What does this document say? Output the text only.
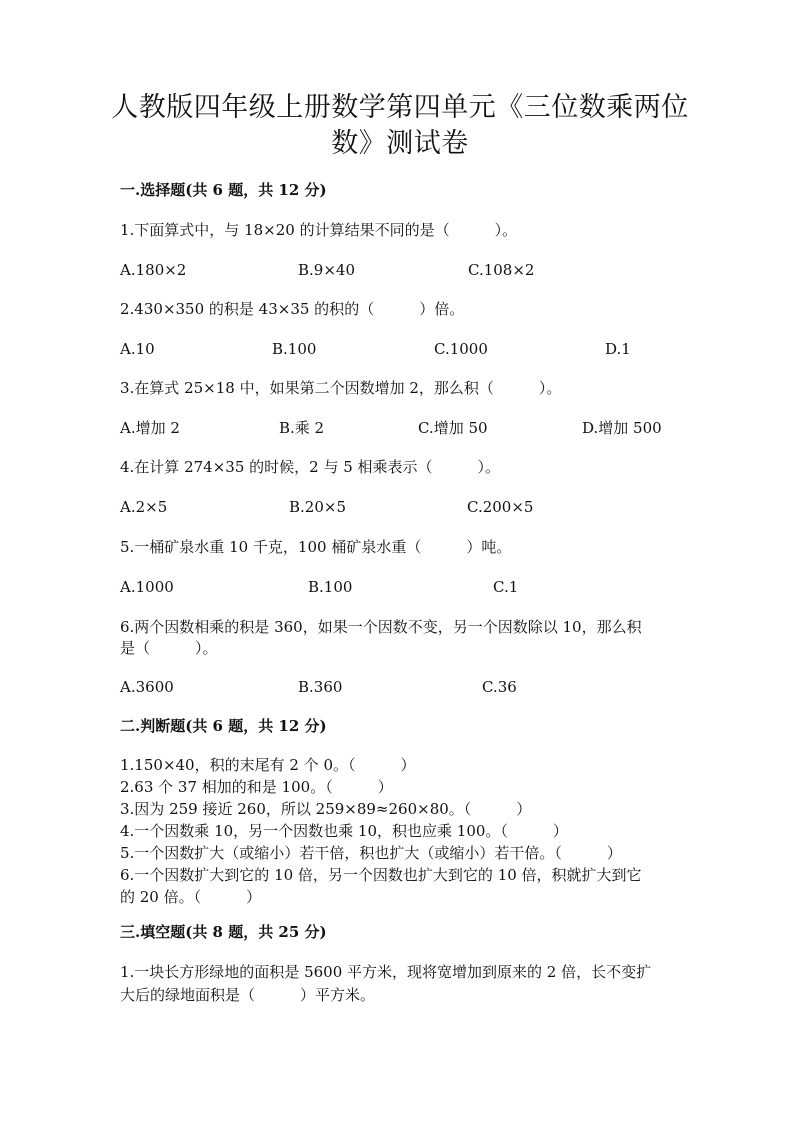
人教版四年级上册数学第四单元《三位数乘两位
数》测试卷
一.选择题(共 6 题，共 12 分)
1.下面算式中，与 18×20 的计算结果不同的是（　　　）。
A.180×2	B.9×40	C.108×2
2.430×350 的积是 43×35 的积的（　　　）倍。
A.10	B.100	C.1000	D.1
3.在算式 25×18 中，如果第二个因数增加 2，那么积（　　　）。
A.增加 2	B.乘 2	C.增加 50	D.增加 500
4.在计算 274×35 的时候，2 与 5 相乘表示（　　　）。
A.2×5	B.20×5	C.200×5
5.一桶矿泉水重 10 千克，100 桶矿泉水重（　　　）吨。
A.1000	B.100	C.1
6.两个因数相乘的积是 360，如果一个因数不变，另一个因数除以 10，那么积
是（　　　）。
A.3600	B.360	C.36
二.判断题(共 6 题，共 12 分)
1.150×40，积的末尾有 2 个 0。（　　　）
2.63 个 37 相加的和是 100。（　　　）
3.因为 259 接近 260，所以 259×89≈260×80。（　　　）
4.一个因数乘 10，另一个因数也乘 10，积也应乘 100。（　　　）
5.一个因数扩大（或缩小）若干倍，积也扩大（或缩小）若干倍。（　　　）
6.一个因数扩大到它的 10 倍，另一个因数也扩大到它的 10 倍，积就扩大到它
的 20 倍。（　　　）
三.填空题(共 8 题，共 25 分)
1.一块长方形绿地的面积是 5600 平方米，现将宽增加到原来的 2 倍，长不变扩
大后的绿地面积是（　　　）平方米。
